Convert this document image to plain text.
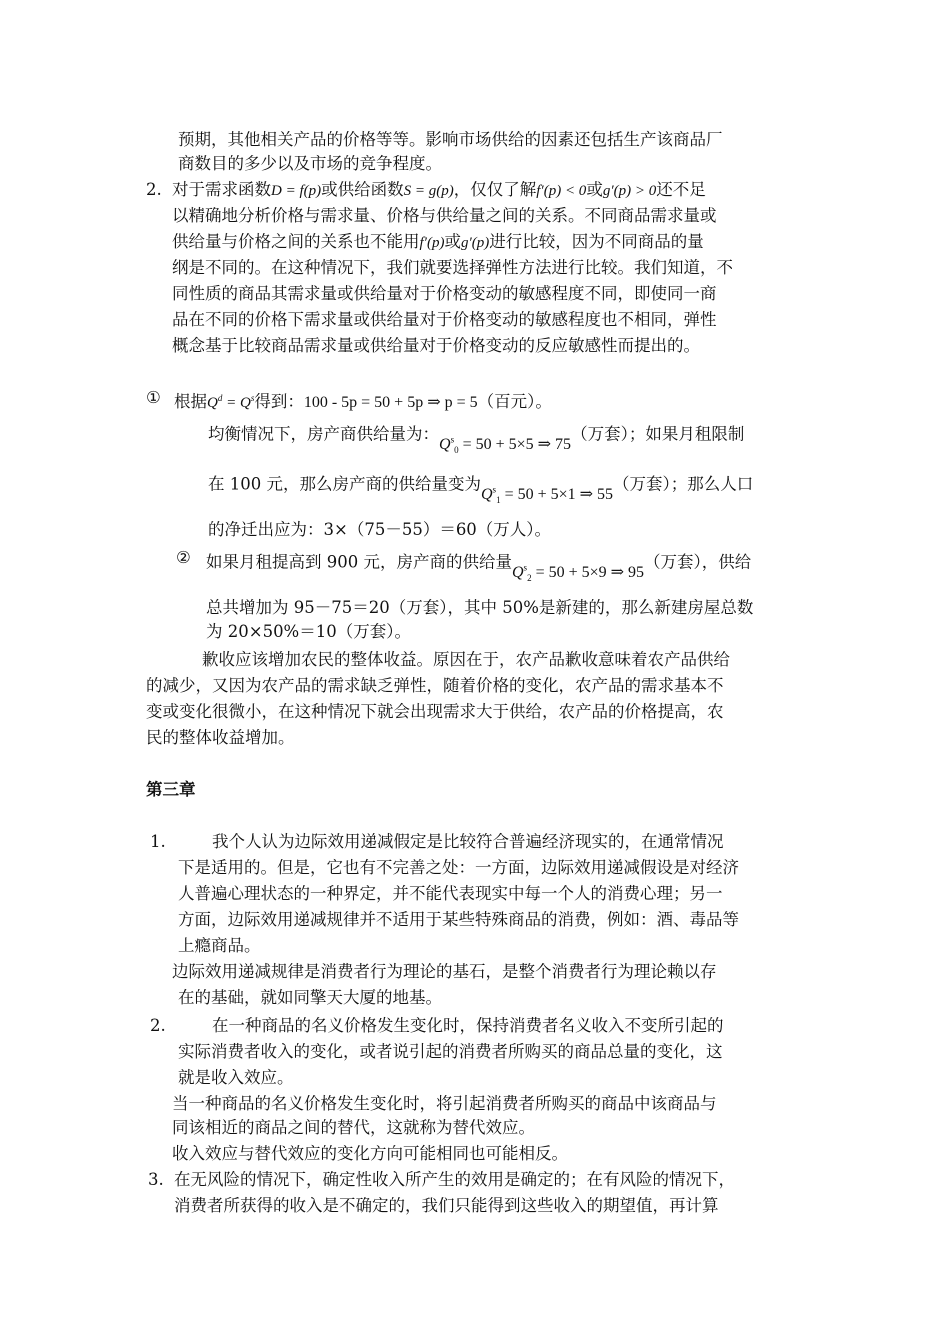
预期，其他相关产品的价格等等。影响市场供给的因素还包括生产该商品厂
商数目的多少以及市场的竞争程度。
2. 对于需求函数D = f(p)或供给函数S = g(p)，仅仅了解f′(p) < 0或g′(p) > 0还不足
以精确地分析价格与需求量、价格与供给量之间的关系。不同商品需求量或
供给量与价格之间的关系也不能用f′(p)或g′(p)进行比较，因为不同商品的量
纲是不同的。在这种情况下，我们就要选择弹性方法进行比较。我们知道，不
同性质的商品其需求量或供给量对于价格变动的敏感程度不同，即使同一商
品在不同的价格下需求量或供给量对于价格变动的敏感程度也不相同，弹性
概念基于比较商品需求量或供给量对于价格变动的反应敏感性而提出的。
① 根据$Q^d = Q^s$得到：100 - 5p = 50 + 5p ⇒ p = 5（百元）。
均衡情况下，房产商供给量为：$Q^s_0 = 50 + 5\times 5$ ⇒ 75（万套）；如果月租限制
在 100 元，那么房产商的供给量变为$Q^s_1 = 50 + 5\times 1$ ⇒ 55（万套）；那么人口
的净迁出应为：3×（75－55）＝60（万人）。
② 如果月租提高到 900 元，房产商的供给量$Q^s_2 = 50 + 5\times 9$ ⇒ 95（万套），供给
总共增加为 95－75＝20（万套），其中 50%是新建的，那么新建房屋总数
为 20×50%＝10（万套）。
歉收应该增加农民的整体收益。原因在于，农产品歉收意味着农产品供给
的减少，又因为农产品的需求缺乏弹性，随着价格的变化，农产品的需求基本不
变或变化很微小，在这种情况下就会出现需求大于供给，农产品的价格提高，农
民的整体收益增加。
第三章
1.	我个人认为边际效用递减假定是比较符合普遍经济现实的，在通常情况
下是适用的。但是，它也有不完善之处：一方面，边际效用递减假设是对经济
人普遍心理状态的一种界定，并不能代表现实中每一个人的消费心理；另一
方面，边际效用递减规律并不适用于某些特殊商品的消费，例如：酒、毒品等
上瘾商品。
边际效用递减规律是消费者行为理论的基石，是整个消费者行为理论赖以存
在的基础，就如同擎天大厦的地基。
2.	在一种商品的名义价格发生变化时，保持消费者名义收入不变所引起的
实际消费者收入的变化，或者说引起的消费者所购买的商品总量的变化，这
就是收入效应。
当一种商品的名义价格发生变化时，将引起消费者所购买的商品中该商品与
同该相近的商品之间的替代，这就称为替代效应。
收入效应与替代效应的变化方向可能相同也可能相反。
3. 在无风险的情况下，确定性收入所产生的效用是确定的；在有风险的情况下，
消费者所获得的收入是不确定的，我们只能得到这些收入的期望值，再计算
